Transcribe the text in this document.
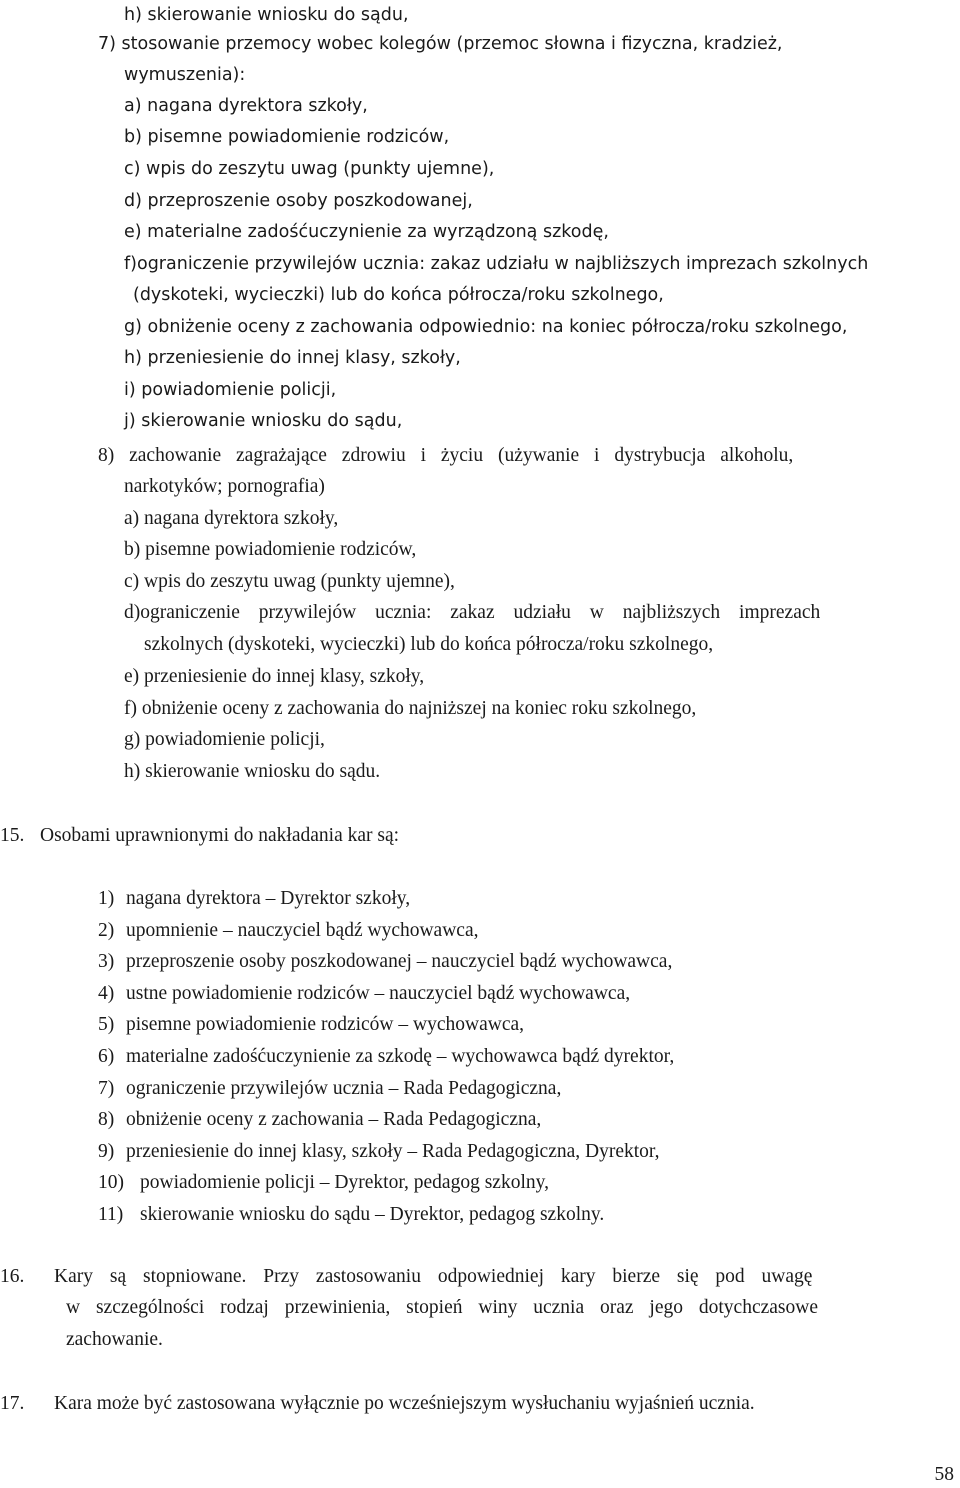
h) skierowanie wniosku do sądu,
7) stosowanie przemocy wobec kolegów (przemoc słowna i fizyczna, kradzież,
wymuszenia):
a) nagana dyrektora szkoły,
b) pisemne powiadomienie rodziców,
c) wpis do zeszytu uwag (punkty ujemne),
d) przeproszenie osoby poszkodowanej,
e) materialne zadośćuczynienie za wyrządzoną szkodę,
f)ograniczenie przywilejów ucznia: zakaz udziału w najbliższych imprezach szkolnych
(dyskoteki, wycieczki) lub do końca półrocza/roku szkolnego,
g) obniżenie oceny z zachowania odpowiednio: na koniec półrocza/roku szkolnego,
h) przeniesienie do innej klasy, szkoły,
i) powiadomienie policji,
j) skierowanie wniosku do sądu,
8) zachowanie zagrażające zdrowiu i życiu (używanie i dystrybucja alkoholu,
narkotyków; pornografia)
a) nagana dyrektora szkoły,
b) pisemne powiadomienie rodziców,
c) wpis do zeszytu uwag (punkty ujemne),
d)ograniczenie przywilejów ucznia: zakaz udziału w najbliższych imprezach
szkolnych (dyskoteki, wycieczki) lub do końca półrocza/roku szkolnego,
e) przeniesienie do innej klasy, szkoły,
f) obniżenie oceny z zachowania do najniższej na koniec roku szkolnego,
g) powiadomienie policji,
h) skierowanie wniosku do sądu.
15. Osobami uprawnionymi do nakładania kar są:
1) nagana dyrektora – Dyrektor szkoły,
2) upomnienie – nauczyciel bądź wychowawca,
3) przeproszenie osoby poszkodowanej – nauczyciel bądź wychowawca,
4) ustne powiadomienie rodziców – nauczyciel bądź wychowawca,
5) pisemne powiadomienie rodziców – wychowawca,
6) materialne zadośćuczynienie za szkodę – wychowawca bądź dyrektor,
7) ograniczenie przywilejów ucznia – Rada Pedagogiczna,
8) obniżenie oceny z zachowania – Rada Pedagogiczna,
9) przeniesienie do innej klasy, szkoły – Rada Pedagogiczna, Dyrektor,
10) powiadomienie policji – Dyrektor, pedagog szkolny,
11) skierowanie wniosku do sądu – Dyrektor, pedagog szkolny.
16. Kary są stopniowane. Przy zastosowaniu odpowiedniej kary bierze się pod uwagę
w szczególności rodzaj przewinienia, stopień winy ucznia oraz jego dotychczasowe
zachowanie.
17. Kara może być zastosowana wyłącznie po wcześniejszym wysłuchaniu wyjaśnień ucznia.
58
